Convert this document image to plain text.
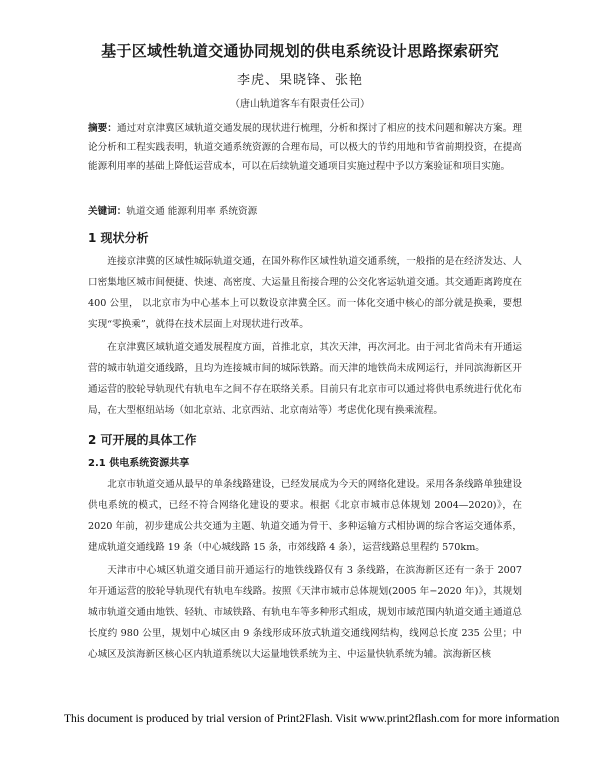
基于区域性轨道交通协同规划的供电系统设计思路探索研究
李虎、果晓锋、张艳
（唐山轨道客车有限责任公司）

摘要：通过对京津冀区域轨道交通发展的现状进行梳理，分析和探讨了相应的技术问题和解决方案。理论分析和工程实践表明，轨道交通系统资源的合理布局，可以极大的节约用地和节省前期投资，在提高能源利用率的基础上降低运营成本，可以在后续轨道交通项目实施过程中予以方案验证和项目实施。

关键词：轨道交通 能源利用率 系统资源

1 现状分析

连接京津冀的区域性城际轨道交通，在国外称作区域性轨道交通系统，一般指的是在经济发达、人口密集地区城市间便捷、快速、高密度、大运量且衔接合理的公交化客运轨道交通。其交通距离跨度在 400 公里， 以北京市为中心基本上可以数设京津冀全区。而一体化交通中核心的部分就是换乘，要想实现“零换乘”，就得在技术层面上对现状进行改革。

在京津冀区域轨道交通发展程度方面，首推北京，其次天津，再次河北。由于河北省尚未有开通运营的城市轨道交通线路，且均为连接城市间的城际铁路。而天津的地铁尚未成网运行，并同滨海新区开通运营的胶轮导轨现代有轨电车之间不存在联络关系。目前只有北京市可以通过将供电系统进行优化布局，在大型枢纽站场（如北京站、北京西站、北京南站等）考虑优化现有换乘流程。

2 可开展的具体工作
2.1 供电系统资源共享

北京市轨道交通从最早的单条线路建设，已经发展成为今天的网络化建设。采用各条线路单独建设供电系统的模式，已经不符合网络化建设的要求。根据《北京市城市总体规划 2004—2020)》，在 2020 年前，初步建成公共交通为主题、轨道交通为骨干、多种运输方式相协调的综合客运交通体系，建成轨道交通线路 19 条（中心城线路 15 条，市郊线路 4 条），运营线路总里程约 570km。

天津市中心城区轨道交通目前开通运行的地铁线路仅有 3 条线路，在滨海新区还有一条于 2007 年开通运营的胶轮导轨现代有轨电车线路。按照《天津市城市总体规划(2005 年−2020 年)》，其规划城市轨道交通由地铁、轻轨、市域铁路、有轨电车等多种形式组成，规划市域范围内轨道交通主通道总长度约 980 公里，规划中心城区由 9 条线形成环放式轨道交通线网结构，线网总长度 235 公里；中心城区及滨海新区核心区内轨道系统以大运量地铁系统为主、中运量快轨系统为辅。滨海新区核

This document is produced by trial version of Print2Flash. Visit www.print2flash.com for more information
